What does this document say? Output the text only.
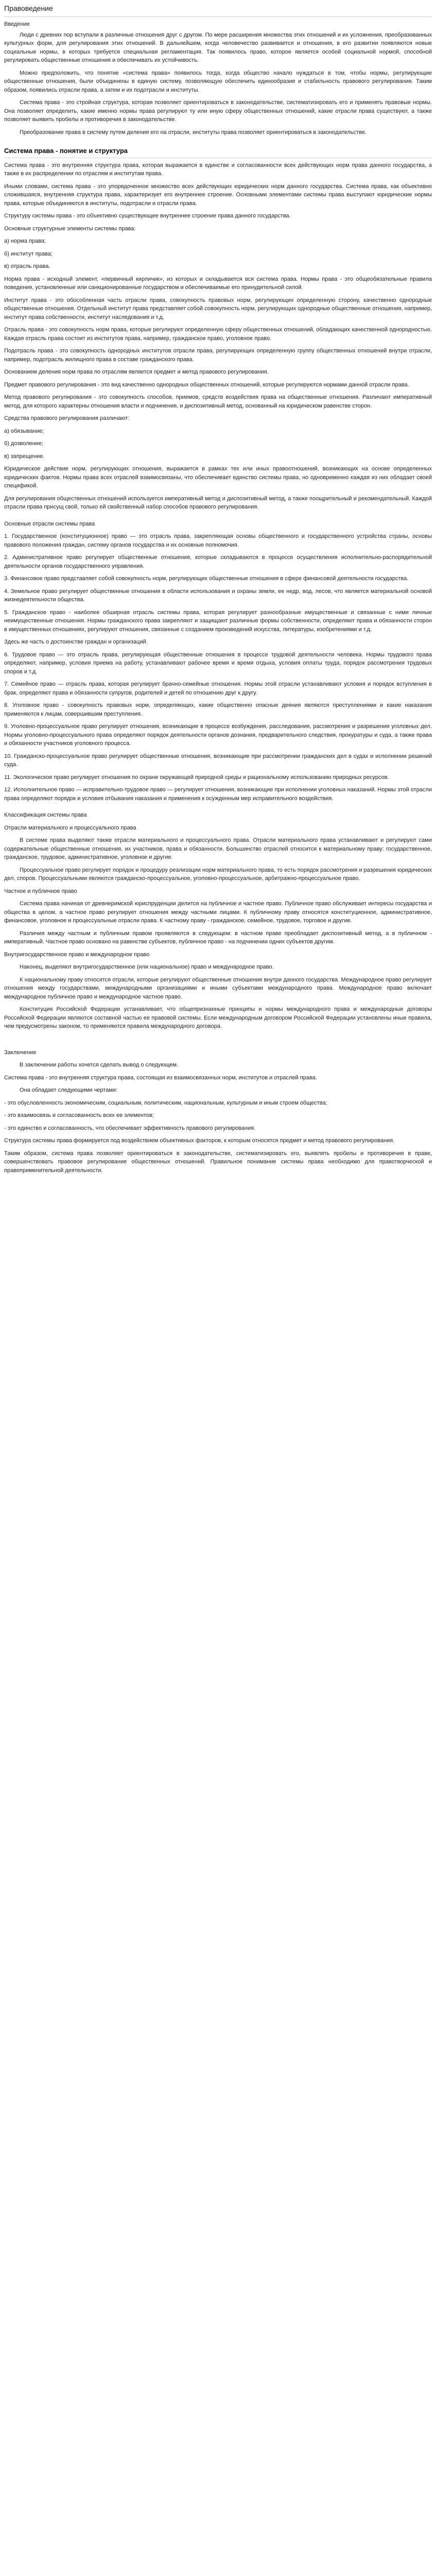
Правоведение
Введение

Люди с древних пор вступали в различные отношения друг с другом. По мере расширения множества этих отношений и их усложнения, преобразованных культурных форм, для регулирования этих отношений. В дальнейшем, когда человечество развивается и отношения, в его развитии появляются новые социальные нормы, в которых требуется специальная регламентация. Так появилось право, которое является особой социальной нормой, способной регулировать общественные отношения и обеспечивать их устойчивость.

Можно предположить, что понятие «система права» появилось тогда, когда общество начало нуждаться в том, чтобы нормы, регулирующие общественные отношения, были объединены в единую систему, позволяющую обеспечить единообразие и стабильность правового регулирования. Таким образом, появились отрасли права, а затем и их подотрасли и институты.

Система права - это стройная структура, которая позволяет ориентироваться в законодательстве, систематизировать его и применять правовые нормы. Она позволяет определить, какие именно нормы права регулируют ту или иную сферу общественных отношений, какие отрасли права существуют, а также позволяет выявить пробелы и противоречия в законодательстве.

Преобразование права в систему путем деления его на отрасли, институты права позволяет ориентироваться в законодательстве.

Система права - понятие и структура

Система права - это внутренняя структура права, которая выражается в единстве и согласованности всех действующих норм права данного государства, а также в их распределении по отраслям и институтам права.

Иными словами, система права - это упорядоченное множество всех действующих юридических норм данного государства. Система права, как объективно сложившаяся, внутренняя структура права, характеризует его внутреннее строение. Основными элементами системы права выступают юридические нормы права, которые объединяются в институты, подотрасли и отрасли права.

Структуру системы права - это объективно существующее внутреннее строение права данного государства.

Основные структурные элементы системы права:

а) норма права;

б) институт права;

в) отрасль права.

Норма права - исходный элемент, «первичный кирпичик», из которых и складывается вся система права. Нормы права - это общеобязательные правила поведения, установленные или санкционированные государством и обеспечиваемые его принудительной силой.

Институт права - это обособленная часть отрасли права, совокупность правовых норм, регулирующих определенную сторону, качественно однородные общественные отношения. Отдельный институт права представляет собой совокупность норм, регулирующих однородные общественные отношения, например, институт права собственности, институт наследования и т.д.

Отрасль права - это совокупность норм права, которые регулируют определенную сферу общественных отношений, обладающих качественной однородностью. Каждая отрасль права состоит из институтов права, например, гражданское право, уголовное право.

Подотрасль права - это совокупность однородных институтов отрасли права, регулирующих определенную группу общественных отношений внутри отрасли, например, подотрасль жилищного права в составе гражданского права.

Основанием деления норм права по отраслям является предмет и метод правового регулирования.

Предмет правового регулирования - это вид качественно однородных общественных отношений, которые регулируются нормами данной отрасли права.

Метод правового регулирования - это совокупность способов, приемов, средств воздействия права на общественные отношения. Различают императивный метод, для которого характерны отношения власти и подчинения, и диспозитивный метод, основанный на юридическом равенстве сторон.

Средства правового регулирования различают:

а) обязывание;

б) дозволение;

в) запрещение.

Юридическое действие норм, регулирующих отношения, выражается в рамках тех или иных правоотношений, возникающих на основе определенных юридических фактов. Нормы права всех отраслей взаимосвязаны, что обеспечивает единство системы права, но одновременно каждая из них обладает своей спецификой.

Для регулирования общественных отношений используется императивный метод и диспозитивный метод, а также поощрительный и рекомендательный. Каждой отрасли права присущ свой, только ей свойственный набор способов правового регулирования.

Основные отрасли системы права

1. Государственное (конституционное) право — это отрасль права, закрепляющая основы общественного и государственного устройства страны, основы правового положения граждан, систему органов государства и их основные полномочия.

2. Административное право регулирует общественные отношения, которые складываются в процессе осуществления исполнительно-распорядительной деятельности органов государственного управления.

3. Финансовое право представляет собой совокупность норм, регулирующих общественные отношения в сфере финансовой деятельности государства.

4. Земельное право регулирует общественные отношения в области использования и охраны земли, ее недр, вод, лесов, что является материальной основой жизнедеятельности общества.

5. Гражданское право - наиболее обширная отрасль системы права, которая регулирует разнообразные имущественные и связанные с ними личные неимущественные отношения. Нормы гражданского права закрепляют и защищают различные формы собственности, определяют права и обязанности сторон в имущественных отношениях, регулируют отношения, связанные с созданием произведений искусства, литературы, изобретениями и т.д.

Здесь же часть о достоинстве граждан и организаций.

6. Трудовое право — это отрасль права, регулирующая общественные отношения в процессе трудовой деятельности человека. Нормы трудового права определяют, например, условия приема на работу, устанавливают рабочее время и время отдыха, условия оплаты труда, порядок рассмотрения трудовых споров и т.д.

7. Семейное право — отрасль права, которая регулирует брачно-семейные отношения. Нормы этой отрасли устанавливают условия и порядок вступления в брак, определяют права и обязанности супругов, родителей и детей по отношению друг к другу.

8. Уголовное право - совокупность правовых норм, определяющих, какие общественно опасные деяния являются преступлениями и какие наказания применяются к лицам, совершившим преступления.

9. Уголовно-процессуальное право регулирует отношения, возникающие в процессе возбуждения, расследования, рассмотрения и разрешения уголовных дел. Нормы уголовно-процессуального права определяют порядок деятельности органов дознания, предварительного следствия, прокуратуры и суда, а также права и обязанности участников уголовного процесса.

10. Гражданско-процессуальное право регулирует общественные отношения, возникающие при рассмотрении гражданских дел в судах и исполнении решений суда.

11. Экологическое право регулирует отношения по охране окружающей природной среды и рациональному использованию природных ресурсов.

12. Исполнительное право — исправительно-трудовое право — регулирует отношения, возникающие при исполнении уголовных наказаний. Нормы этой отрасли права определяют порядок и условия отбывания наказания и применения к осужденным мер исправительного воздействия.

Классификация системы права

Отрасли материального и процессуального права

В системе права выделяют также отрасли материального и процессуального права. Отрасли материального права устанавливают и регулируют сами содержательные общественные отношения, их участников, права и обязанности. Большинство отраслей относится к материальному праву: государственное, гражданское, трудовое, административное, уголовное и другие.

Процессуальное право регулирует порядок и процедуру реализации норм материального права, то есть порядок рассмотрения и разрешения юридических дел, споров. Процессуальными являются гражданско-процессуальное, уголовно-процессуальное, арбитражно-процессуальное право.

Частное и публичное право

Система права начиная от древнеримской юриспруденции делится на публичное и частное право. Публичное право обслуживает интересы государства и общества в целом, а частное право регулирует отношения между частными лицами. К публичному праву относятся конституционное, административное, финансовое, уголовное и процессуальные отрасли права. К частному праву - гражданское, семейное, трудовое, торговое и другие.

Различия между частным и публичным правом проявляются в следующем: в частном праве преобладает диспозитивный метод, а в публичном - императивный. Частное право основано на равенстве субъектов, публичное право - на подчинении одних субъектов другим.

Внутригосударственное право и международное право

Наконец, выделяют внутригосударственное (или национальное) право и международное право.

К национальному праву относятся отрасли, которые регулируют общественные отношения внутри данного государства. Международное право регулирует отношения между государствами, международными организациями и иными субъектами международного права. Международное право включает международное публичное право и международное частное право.

Конституция Российской Федерации устанавливает, что общепризнанные принципы и нормы международного права и международные договоры Российской Федерации являются составной частью ее правовой системы. Если международным договором Российской Федерации установлены иные правила, чем предусмотрены законом, то применяются правила международного договора.

Заключение

В заключении работы хочется сделать вывод о следующем.

Система права - это внутренняя структура права, состоящая из взаимосвязанных норм, институтов и отраслей права.

Она обладает следующими чертами:

- это обусловленность экономическим, социальным, политическим, национальным, культурным и иным строем общества;

- это взаимосвязь и согласованность всех ее элементов;

- это единство и согласованность, что обеспечивает эффективность правового регулирования.

Структура системы права формируется под воздействием объективных факторов, к которым относятся предмет и метод правового регулирования.

Таким образом, система права позволяет ориентироваться в законодательстве, систематизировать его, выявлять пробелы и противоречия в праве, совершенствовать правовое регулирование общественных отношений. Правильное понимание системы права необходимо для правотворческой и правоприменительной деятельности.
